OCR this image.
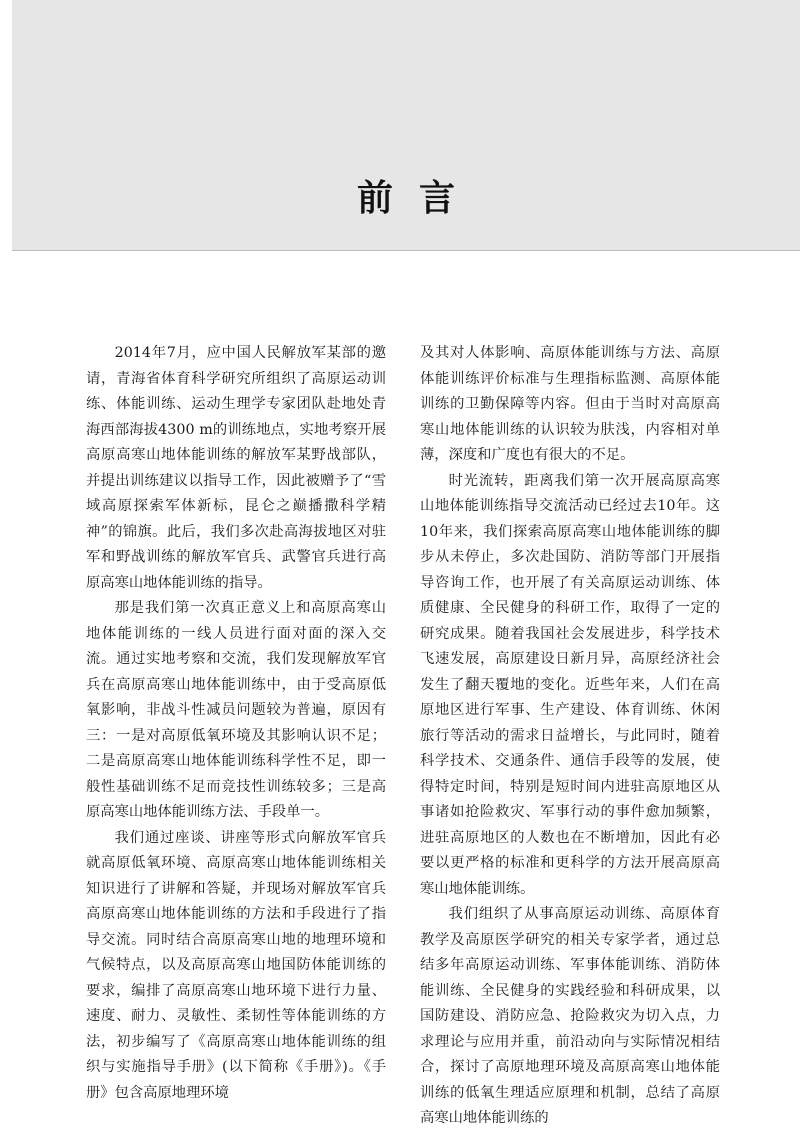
前言

2014年7月，应中国人民解放军某部的邀请，青海省体育科学研究所组织了高原运动训练、体能训练、运动生理学专家团队赴地处青海西部海拔4300 m的训练地点，实地考察开展高原高寒山地体能训练的解放军某野战部队，并提出训练建议以指导工作，因此被赠予了“雪域高原探索军体新标，昆仑之巅播撒科学精神”的锦旗。此后，我们多次赴高海拔地区对驻军和野战训练的解放军官兵、武警官兵进行高原高寒山地体能训练的指导。

那是我们第一次真正意义上和高原高寒山地体能训练的一线人员进行面对面的深入交流。通过实地考察和交流，我们发现解放军官兵在高原高寒山地体能训练中，由于受高原低氧影响，非战斗性减员问题较为普遍，原因有三：一是对高原低氧环境及其影响认识不足；二是高原高寒山地体能训练科学性不足，即一般性基础训练不足而竞技性训练较多；三是高原高寒山地体能训练方法、手段单一。

我们通过座谈、讲座等形式向解放军官兵就高原低氧环境、高原高寒山地体能训练相关知识进行了讲解和答疑，并现场对解放军官兵高原高寒山地体能训练的方法和手段进行了指导交流。同时结合高原高寒山地的地理环境和气候特点，以及高原高寒山地国防体能训练的要求，编排了高原高寒山地环境下进行力量、速度、耐力、灵敏性、柔韧性等体能训练的方法，初步编写了《高原高寒山地体能训练的组织与实施指导手册》(以下简称《手册》)。《手册》包含高原地理环境

及其对人体影响、高原体能训练与方法、高原体能训练评价标准与生理指标监测、高原体能训练的卫勤保障等内容。但由于当时对高原高寒山地体能训练的认识较为肤浅，内容相对单薄，深度和广度也有很大的不足。

时光流转，距离我们第一次开展高原高寒山地体能训练指导交流活动已经过去10年。这10年来，我们探索高原高寒山地体能训练的脚步从未停止，多次赴国防、消防等部门开展指导咨询工作，也开展了有关高原运动训练、体质健康、全民健身的科研工作，取得了一定的研究成果。随着我国社会发展进步，科学技术飞速发展，高原建设日新月异，高原经济社会发生了翻天覆地的变化。近些年来，人们在高原地区进行军事、生产建设、体育训练、休闲旅行等活动的需求日益增长，与此同时，随着科学技术、交通条件、通信手段等的发展，使得特定时间，特别是短时间内进驻高原地区从事诸如抢险救灾、军事行动的事件愈加频繁，进驻高原地区的人数也在不断增加，因此有必要以更严格的标准和更科学的方法开展高原高寒山地体能训练。

我们组织了从事高原运动训练、高原体育教学及高原医学研究的相关专家学者，通过总结多年高原运动训练、军事体能训练、消防体能训练、全民健身的实践经验和科研成果，以国防建设、消防应急、抢险救灾为切入点，力求理论与应用并重，前沿动向与实际情况相结合，探讨了高原地理环境及高原高寒山地体能训练的低氧生理适应原理和机制，总结了高原高寒山地体能训练的
